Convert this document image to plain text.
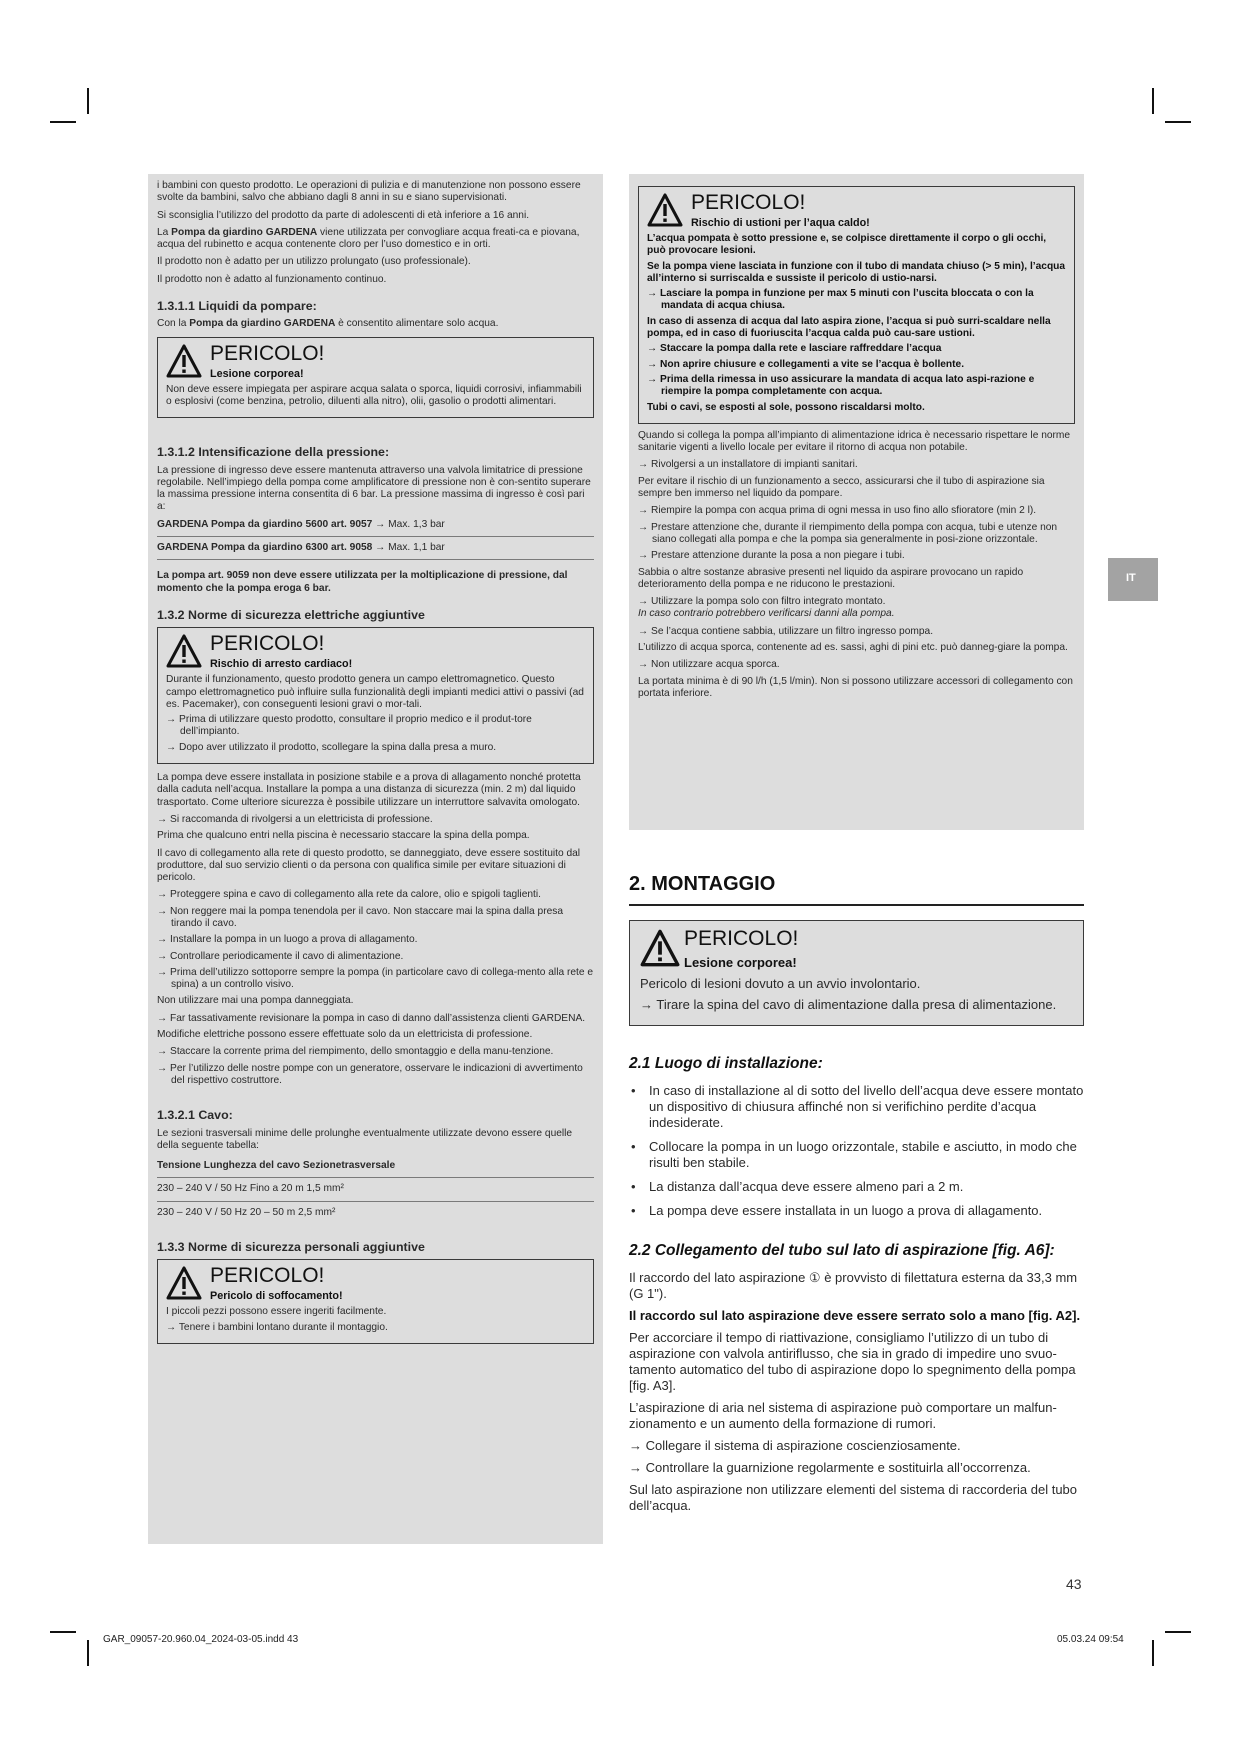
i bambini con questo prodotto. Le operazioni di pulizia e di manutenzione non possono essere svolte da bambini, salvo che abbiano dagli 8 anni in su e siano supervisionati.

Si sconsiglia l’utilizzo del prodotto da parte di adolescenti di età inferiore a 16 anni.

La Pompa da giardino GARDENA viene utilizzata per convogliare acqua freati-ca e piovana, acqua del rubinetto e acqua contenente cloro per l’uso domestico e in orti.

Il prodotto non è adatto per un utilizzo prolungato (uso professionale).

Il prodotto non è adatto al funzionamento continuo.

1.3.1.1 Liquidi da pompare:

Con la Pompa da giardino GARDENA è consentito alimentare solo acqua.

PERICOLO!
Lesione corporea!

Non deve essere impiegata per aspirare acqua salata o sporca, liquidi corrosivi, infiammabili o esplosivi (come benzina, petrolio, diluenti alla nitro), olii, gasolio o prodotti alimentari.

1.3.1.2 Intensificazione della pressione:

La pressione di ingresso deve essere mantenuta attraverso una valvola limitatrice di pressione regolabile. Nell’impiego della pompa come amplificatore di pressione non è con-sentito superare la massima pressione interna consentita di 6 bar. La pressione massima di ingresso è così pari a:

GARDENA Pompa da giardino 5600 art. 9057 → Max. 1,3 bar

GARDENA Pompa da giardino 6300 art. 9058 → Max. 1,1 bar

La pompa art. 9059 non deve essere utilizzata per la moltiplicazione di pressione, dal momento che la pompa eroga 6 bar.

1.3.2 Norme di sicurezza elettriche aggiuntive
PERICOLO!
Rischio di arresto cardiaco!

Durante il funzionamento, questo prodotto genera un campo elettromagnetico. Questo campo elettromagnetico può influire sulla funzionalità degli impianti medici attivi o passivi (ad es. Pacemaker), con conseguenti lesioni gravi o mor-tali.

→ Prima di utilizzare questo prodotto, consultare il proprio medico e il produt-tore dell’impianto.

→ Dopo aver utilizzato il prodotto, scollegare la spina dalla presa a muro.

La pompa deve essere installata in posizione stabile e a prova di allagamento nonché protetta dalla caduta nell’acqua. Installare la pompa a una distanza di sicurezza (min. 2 m) dal liquido trasportato. Come ulteriore sicurezza è possibile utilizzare un interruttore salvavita omologato.

→ Si raccomanda di rivolgersi a un elettricista di professione.

Prima che qualcuno entri nella piscina è necessario staccare la spina della pompa.

Il cavo di collegamento alla rete di questo prodotto, se danneggiato, deve essere sostituito dal produttore, dal suo servizio clienti o da persona con qualifica simile per evitare situazioni di pericolo.

→ Proteggere spina e cavo di collegamento alla rete da calore, olio e spigoli taglienti.

→ Non reggere mai la pompa tenendola per il cavo. Non staccare mai la spina dalla presa tirando il cavo.

→ Installare la pompa in un luogo a prova di allagamento.

→ Controllare periodicamente il cavo di alimentazione.

→ Prima dell’utilizzo sottoporre sempre la pompa (in particolare cavo di collega-mento alla rete e spina) a un controllo visivo.

Non utilizzare mai una pompa danneggiata.

→ Far tassativamente revisionare la pompa in caso di danno dall’assistenza clienti GARDENA.

Modifiche elettriche possono essere effettuate solo da un elettricista di professione.

→ Staccare la corrente prima del riempimento, dello smontaggio e della manu-tenzione.

→ Per l’utilizzo delle nostre pompe con un generatore, osservare le indicazioni di avvertimento del rispettivo costruttore.

1.3.2.1 Cavo:

Le sezioni trasversali minime delle prolunghe eventualmente utilizzate devono essere quelle della seguente tabella:

Tensione Lunghezza del cavo Sezionetrasversale

230 – 240 V / 50 Hz Fino a 20 m 1,5 mm²

230 – 240 V / 50 Hz 20 – 50 m 2,5 mm²

1.3.3 Norme di sicurezza personali aggiuntive
PERICOLO!
Pericolo di soffocamento!

I piccoli pezzi possono essere ingeriti facilmente.

→ Tenere i bambini lontano durante il montaggio.

PERICOLO!
Rischio di ustioni per l’aqua caldo!

L’acqua pompata è sotto pressione e, se colpisce direttamente il corpo o gli occhi, può provocare lesioni.

Se la pompa viene lasciata in funzione con il tubo di mandata chiuso (> 5 min), l’acqua all’interno si surriscalda e sussiste il pericolo di ustio-narsi.

→ Lasciare la pompa in funzione per max 5 minuti con l’uscita bloccata o con la mandata di acqua chiusa.

In caso di assenza di acqua dal lato aspira zione, l’acqua si può surri-scaldare nella pompa, ed in caso di fuoriuscita l’acqua calda può cau-sare ustioni.

→ Staccare la pompa dalla rete e lasciare raffreddare l’acqua

→ Non aprire chiusure e collegamenti a vite se l’acqua è bollente.

→ Prima della rimessa in uso assicurare la mandata di acqua lato aspi-razione e riempire la pompa completamente con acqua.

Tubi o cavi, se esposti al sole, possono riscaldarsi molto.

Quando si collega la pompa all’impianto di alimentazione idrica è necessario rispettare le norme sanitarie vigenti a livello locale per evitare il ritorno di acqua non potabile.

→ Rivolgersi a un installatore di impianti sanitari.

Per evitare il rischio di un funzionamento a secco, assicurarsi che il tubo di aspirazione sia sempre ben immerso nel liquido da pompare.

→ Riempire la pompa con acqua prima di ogni messa in uso fino allo sfioratore (min 2 l).

→ Prestare attenzione che, durante il riempimento della pompa con acqua, tubi e utenze non siano collegati alla pompa e che la pompa sia generalmente in posi-zione orizzontale.

→ Prestare attenzione durante la posa a non piegare i tubi.

Sabbia o altre sostanze abrasive presenti nel liquido da aspirare provocano un rapido deterioramento della pompa e ne riducono le prestazioni.

→ Utilizzare la pompa solo con filtro integrato montato.

In caso contrario potrebbero verificarsi danni alla pompa.

→ Se l’acqua contiene sabbia, utilizzare un filtro ingresso pompa.

L’utilizzo di acqua sporca, contenente ad es. sassi, aghi di pini etc. può danneg-giare la pompa.

→ Non utilizzare acqua sporca.

La portata minima è di 90 l/h (1,5 l/min). Non si possono utilizzare accessori di collegamento con portata inferiore.

2. MONTAGGIO
PERICOLO!
Lesione corporea!

Pericolo di lesioni dovuto a un avvio involontario.

→ Tirare la spina del cavo di alimentazione dalla presa di alimentazione.

2.1 Luogo di installazione:
• In caso di installazione al di sotto del livello dell’acqua deve essere montato un dispositivo di chiusura affinché non si verifichino perdite d’acqua indesiderate.
• Collocare la pompa in un luogo orizzontale, stabile e asciutto, in modo che risulti ben stabile.
• La distanza dall’acqua deve essere almeno pari a 2 m.
• La pompa deve essere installata in un luogo a prova di allagamento.
2.2 Collegamento del tubo sul lato di aspirazione [fig. A6]:

Il raccordo del lato aspirazione ① è provvisto di filettatura esterna da 33,3 mm (G 1").

Il raccordo sul lato aspirazione deve essere serrato solo a mano [fig. A2].

Per accorciare il tempo di riattivazione, consigliamo l’utilizzo di un tubo di aspirazione con valvola antiriflusso, che sia in grado di impedire uno svuo-tamento automatico del tubo di aspirazione dopo lo spegnimento della pompa [fig. A3].

L’aspirazione di aria nel sistema di aspirazione può comportare un malfun-zionamento e un aumento della formazione di rumori.

→ Collegare il sistema di aspirazione coscienziosamente.

→ Controllare la guarnizione regolarmente e sostituirla all’occorrenza.

Sul lato aspirazione non utilizzare elementi del sistema di raccorderia del tubo dell’acqua.

IT
43
GAR_09057-20.960.04_2024-03-05.indd 43	05.03.24 09:54
